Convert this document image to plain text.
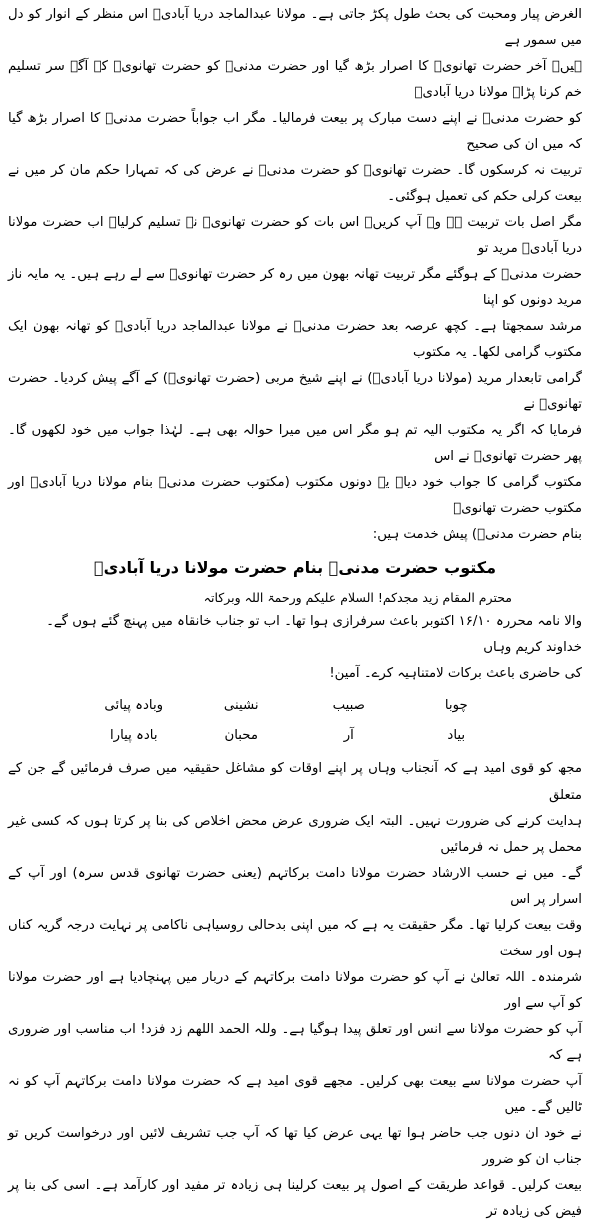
الغرض پیار ومحبت کی بحث طول پکڑ جاتی ہے۔ مولانا عبدالماجد دریا آبادیؒ اس منظر کے انوار کو دل میں سمور ہے

ہیں۔ آخر حضرت تھانویؒ کا اصرار بڑھ گیا اور حضرت مدنیؒ کو حضرت تھانویؒ کے آگے سر تسلیم خم کرنا پڑا۔ مولانا دریا آبادیؒ

کو حضرت مدنیؒ نے اپنے دست مبارک پر بیعت فرمالیا۔ مگر اب جواباً حضرت مدنیؒ کا اصرار بڑھ گیا کہ میں ان کی صحیح

تربیت نہ کرسکوں گا۔ حضرت تھانویؒ کو حضرت مدنیؒ نے عرض کی کہ تمہارا حکم مان کر میں نے بیعت کرلی حکم کی تعمیل ہوگئی۔

مگر اصل بات تربیت ہے وہ آپ کریں۔ اس بات کو حضرت تھانویؒ نے تسلیم کرلیا۔ اب حضرت مولانا دریا آبادیؒ مرید تو

حضرت مدنیؒ کے ہوگئے مگر تربیت تھانہ بھون میں رہ کر حضرت تھانویؒ سے لے رہے ہیں۔ یہ مایہ ناز مرید دونوں کو اپنا

مرشد سمجھتا ہے۔ کچھ عرصہ بعد حضرت مدنیؒ نے مولانا عبدالماجد دریا آبادیؒ کو تھانہ بھون ایک مکتوب گرامی لکھا۔ یہ مکتوب

گرامی تابعدار مرید (مولانا دریا آبادیؒ) نے اپنے شیخ مربی (حضرت تھانویؒ) کے آگے پیش کردیا۔ حضرت تھانویؒ نے

فرمایا کہ اگر یہ مکتوب الیہ تم ہو مگر اس میں میرا حوالہ بھی ہے۔ لہٰذا جواب میں خود لکھوں گا۔ پھر حضرت تھانویؒ نے اس

مکتوب گرامی کا جواب خود دیا۔ یہ دونوں مکتوب (مکتوب حضرت مدنیؒ بنام مولانا دریا آبادیؒ اور مکتوب حضرت تھانویؒ

بنام حضرت مدنیؒ) پیش خدمت ہیں:

مکتوب حضرت مدنیؒ بنام حضرت مولانا دریا آبادیؒ

محترم المقام زید مجدکم! السلام علیکم ورحمۃ اللہ وبرکاتہ

والا نامہ محررہ ۱۶/۱۰ اکتوبر باعث سرفرازی ہوا تھا۔ اب تو جناب خانقاہ میں پہنچ گئے ہوں گے۔ خداوند کریم وہاں

کی حاضری باعث برکات لامتناہیہ کرے۔ آمین!

چوبا
صبیب
نشینی
وبادہ پیائی
بیاد
آر
محبان
بادہ پیارا

مجھ کو قوی امید ہے کہ آنجناب وہاں پر اپنے اوقات کو مشاغل حقیقیہ میں صرف فرمائیں گے جن کے متعلق

ہدایت کرنے کی ضرورت نہیں۔ البتہ ایک ضروری عرض محض اخلاص کی بنا پر کرتا ہوں کہ کسی غیر محمل پر حمل نہ فرمائیں

گے۔ میں نے حسب الارشاد حضرت مولانا دامت برکاتہم (یعنی حضرت تھانوی قدس سرہ) اور آپ کے اسرار پر اس

وقت بیعت کرلیا تھا۔ مگر حقیقت یہ ہے کہ میں اپنی بدحالی روسیاہی ناکامی پر نہایت درجہ گریہ کناں ہوں اور سخت

شرمندہ۔ اللہ تعالیٰ نے آپ کو حضرت مولانا دامت برکاتہم کے دربار میں پہنچادیا ہے اور حضرت مولانا کو آپ سے اور

آپ کو حضرت مولانا سے انس اور تعلق پیدا ہوگیا ہے۔ وللہ الحمد اللھم زد فزد! اب مناسب اور ضروری ہے کہ

آپ حضرت مولانا سے بیعت بھی کرلیں۔ مجھے قوی امید ہے کہ حضرت مولانا دامت برکاتہم آپ کو نہ ٹالیں گے۔ میں

نے خود ان دنوں جب حاضر ہوا تھا یہی عرض کیا تھا کہ آپ جب تشریف لائیں اور درخواست کریں تو جناب ان کو ضرور

بیعت کرلیں۔ قواعد طریقت کے اصول پر بیعت کرلینا ہی زیادہ تر مفید اور کارآمد ہے۔ اسی کی بنا پر فیض کی زیادہ تر
